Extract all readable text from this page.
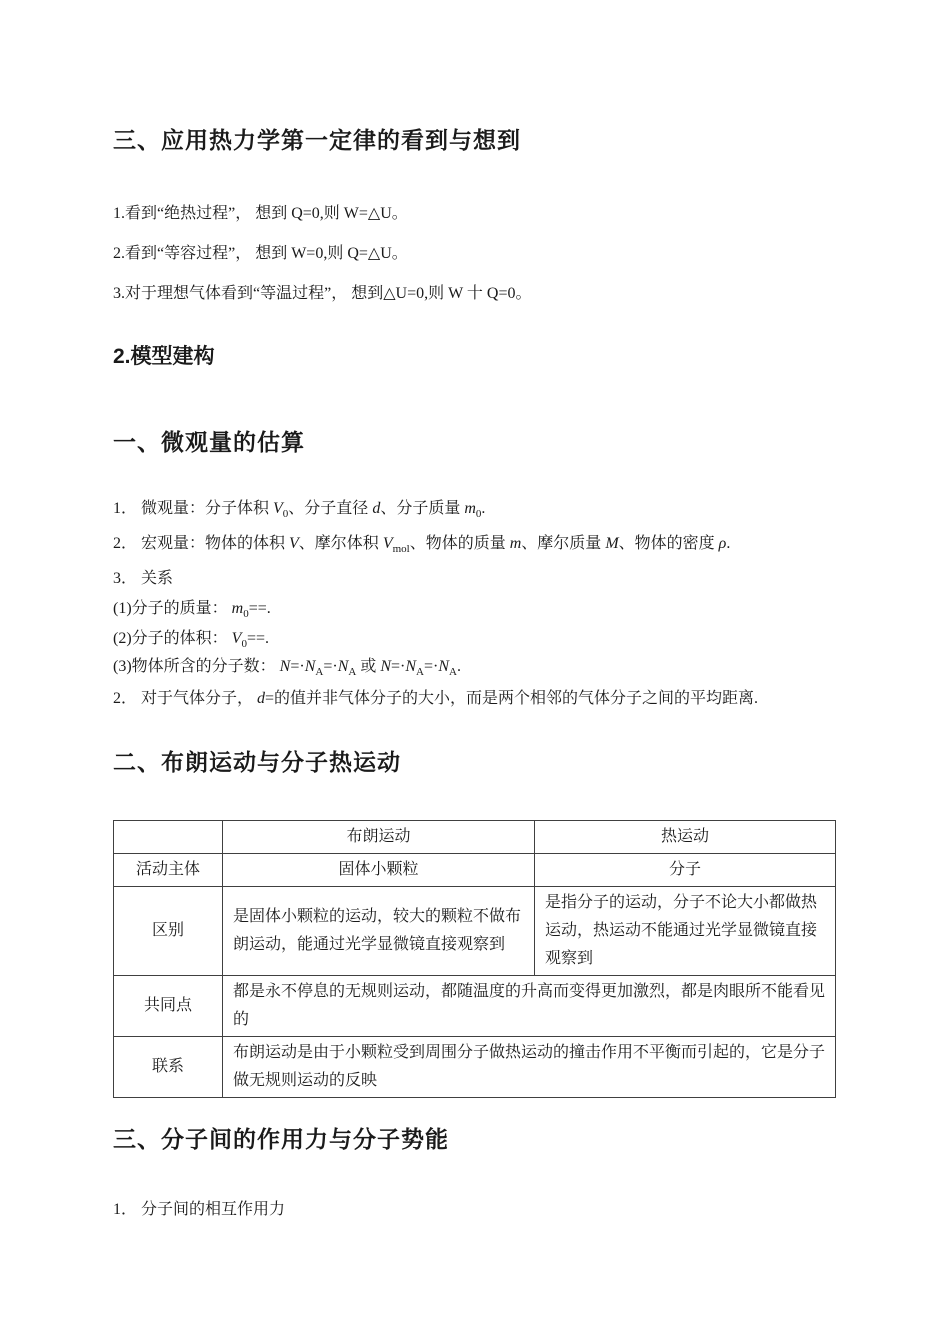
三、应用热力学第一定律的看到与想到

1.看到“绝热过程”， 想到 Q=0,则 W=△U。

2.看到“等容过程”， 想到 W=0,则 Q=△U。

3.对于理想气体看到“等温过程”， 想到△U=0,则 W 十 Q=0。

2.模型建构
一、微观量的估算

1． 微观量：分子体积 $V_0$、分子直径 d、分子质量 $m_0$.

2． 宏观量：物体的体积 V、摩尔体积 $V_{mol}$、物体的质量 m、摩尔质量 M、物体的密度 ρ.

3． 关系

(1)分子的质量： $m_0==$.

(2)分子的体积： $V_0==$.

(3)物体所含的分子数： $N=\cdot N_A=\cdot N_A$ 或 $N=\cdot N_A=\cdot N_A$.

2． 对于气体分子， d=的值并非气体分子的大小，而是两个相邻的气体分子之间的平均距离.

二、布朗运动与分子热运动
	布朗运动	热运动
活动主体	固体小颗粒	分子
区别	是固体小颗粒的运动，较大的颗粒不做布朗运动，能通过光学显微镜直接观察到	是指分子的运动，分子不论大小都做热运动，热运动不能通过光学显微镜直接观察到
共同点	都是永不停息的无规则运动，都随温度的升高而变得更加激烈，都是肉眼所不能看见的	
联系	布朗运动是由于小颗粒受到周围分子做热运动的撞击作用不平衡而引起的，它是分子做无规则运动的反映	
三、分子间的作用力与分子势能

1． 分子间的相互作用力
